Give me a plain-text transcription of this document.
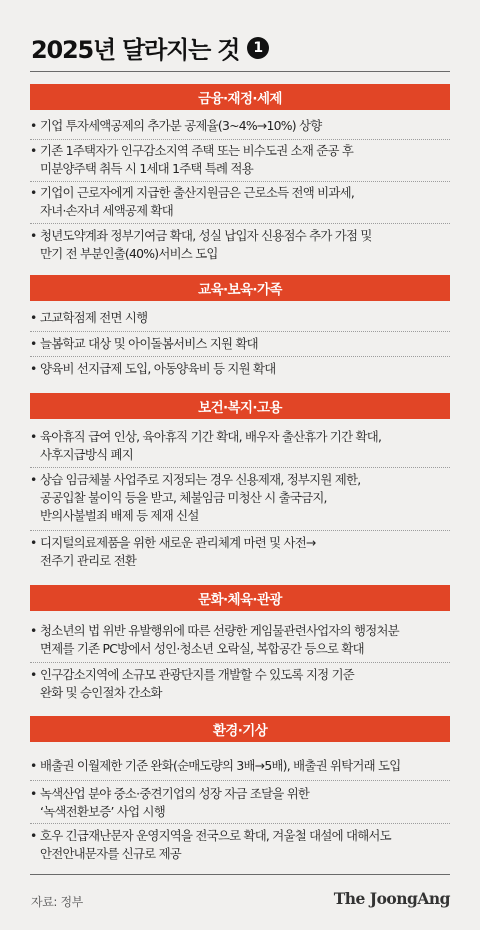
2025년 달라지는 것	1
금융·재정·세제
• 기업 투자세액공제의 추가분 공제율(3~4%→10%) 상향
• 기존 1주택자가 인구감소지역 주택 또는 비수도권 소재 준공 후
미분양주택 취득 시 1세대 1주택 특례 적용
• 기업이 근로자에게 지급한 출산지원금은 근로소득 전액 비과세,
자녀·손자녀 세액공제 확대
• 청년도약계좌 정부기여금 확대, 성실 납입자 신용점수 추가 가점 및
만기 전 부분인출(40%)서비스 도입
교육·보육·가족
• 고교학점제 전면 시행
• 늘봄학교 대상 및 아이돌봄서비스 지원 확대
• 양육비 선지급제 도입, 아동양육비 등 지원 확대
보건·복지·고용
• 육아휴직 급여 인상, 육아휴직 기간 확대, 배우자 출산휴가 기간 확대,
사후지급방식 폐지
• 상습 임금체불 사업주로 지정되는 경우 신용제재, 정부지원 제한,
공공입찰 불이익 등을 받고, 체불임금 미청산 시 출국금지,
반의사불벌죄 배제 등 제재 신설
• 디지털의료제품을 위한 새로운 관리체계 마련 및 사전→
전주기 관리로 전환
문화·체육·관광
• 청소년의 법 위반 유발행위에 따른 선량한 게임물관련사업자의 행정처분
면제를 기존 PC방에서 성인·청소년 오락실, 복합공간 등으로 확대
• 인구감소지역에 소규모 관광단지를 개발할 수 있도록 지정 기준
완화 및 승인절차 간소화
환경·기상
• 배출권 이월제한 기준 완화(순매도량의 3배→5배), 배출권 위탁거래 도입
• 녹색산업 분야 중소·중견기업의 성장 자금 조달을 위한
‘녹색전환보증’ 사업 시행
• 호우 긴급재난문자 운영지역을 전국으로 확대, 겨울철 대설에 대해서도
안전안내문자를 신규로 제공
자료: 정부	The JoongAng
